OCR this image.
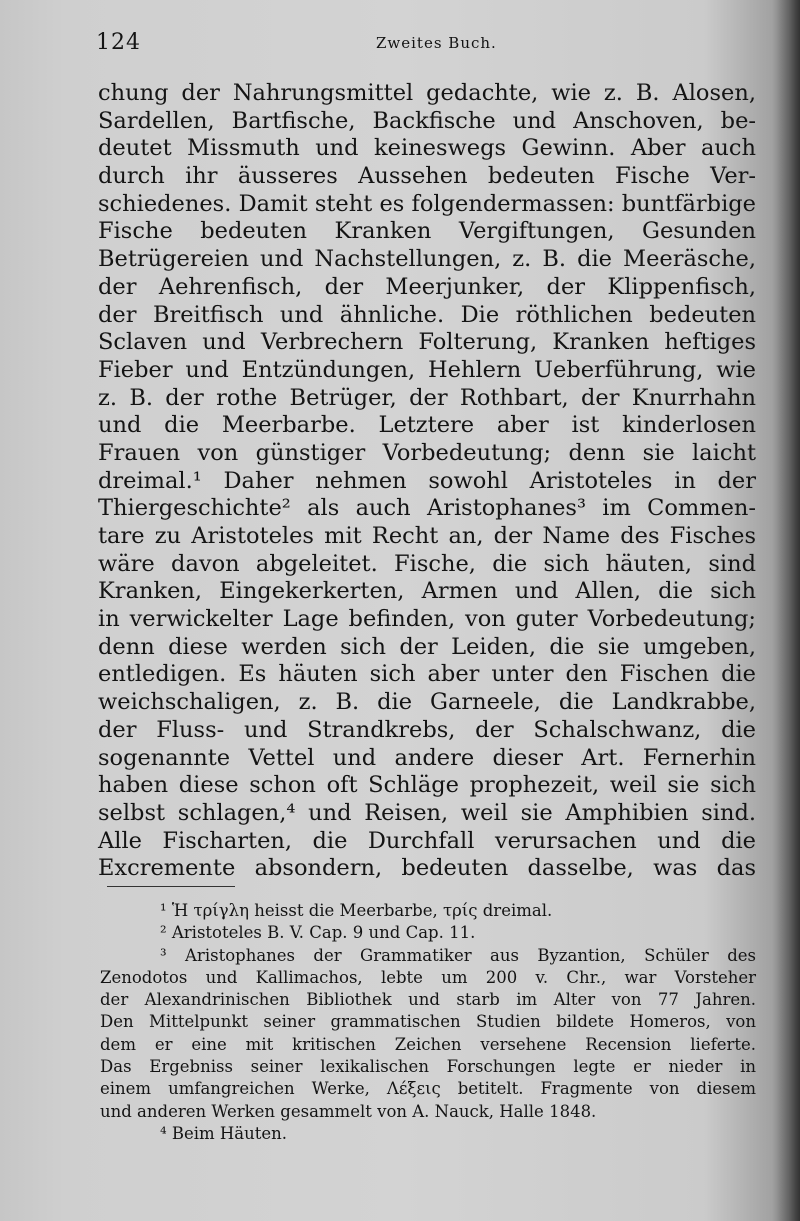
124	Zweites Buch.
chung der Nahrungsmittel gedachte, wie z. B. Alosen,
Sardellen, Bartfische, Backfische und Anschoven, be-
deutet Missmuth und keineswegs Gewinn. Aber auch
durch ihr äusseres Aussehen bedeuten Fische Ver-
schiedenes. Damit steht es folgendermassen: buntfärbige
Fische bedeuten Kranken Vergiftungen, Gesunden
Betrügereien und Nachstellungen, z. B. die Meeräsche,
der Aehrenfisch, der Meerjunker, der Klippenfisch,
der Breitfisch und ähnliche. Die röthlichen bedeuten
Sclaven und Verbrechern Folterung, Kranken heftiges
Fieber und Entzündungen, Hehlern Ueberführung, wie
z. B. der rothe Betrüger, der Rothbart, der Knurrhahn
und die Meerbarbe. Letztere aber ist kinderlosen
Frauen von günstiger Vorbedeutung; denn sie laicht
dreimal.¹ Daher nehmen sowohl Aristoteles in der
Thiergeschichte² als auch Aristophanes³ im Commen-
tare zu Aristoteles mit Recht an, der Name des Fisches
wäre davon abgeleitet. Fische, die sich häuten, sind
Kranken, Eingekerkerten, Armen und Allen, die sich
in verwickelter Lage befinden, von guter Vorbedeutung;
denn diese werden sich der Leiden, die sie umgeben,
entledigen. Es häuten sich aber unter den Fischen die
weichschaligen, z. B. die Garneele, die Landkrabbe,
der Fluss- und Strandkrebs, der Schalschwanz, die
sogenannte Vettel und andere dieser Art. Fernerhin
haben diese schon oft Schläge prophezeit, weil sie sich
selbst schlagen,⁴ und Reisen, weil sie Amphibien sind.
Alle Fischarten, die Durchfall verursachen und die
Excremente absondern, bedeuten dasselbe, was das
¹ Ἡ τρίγλη heisst die Meerbarbe, τρίς dreimal.
² Aristoteles B. V. Cap. 9 und Cap. 11.
³ Aristophanes der Grammatiker aus Byzantion, Schüler des
Zenodotos und Kallimachos, lebte um 200 v. Chr., war Vorsteher
der Alexandrinischen Bibliothek und starb im Alter von 77 Jahren.
Den Mittelpunkt seiner grammatischen Studien bildete Homeros, von
dem er eine mit kritischen Zeichen versehene Recension lieferte.
Das Ergebniss seiner lexikalischen Forschungen legte er nieder in
einem umfangreichen Werke, Λέξεις betitelt. Fragmente von diesem
und anderen Werken gesammelt von A. Nauck, Halle 1848.
⁴ Beim Häuten.
